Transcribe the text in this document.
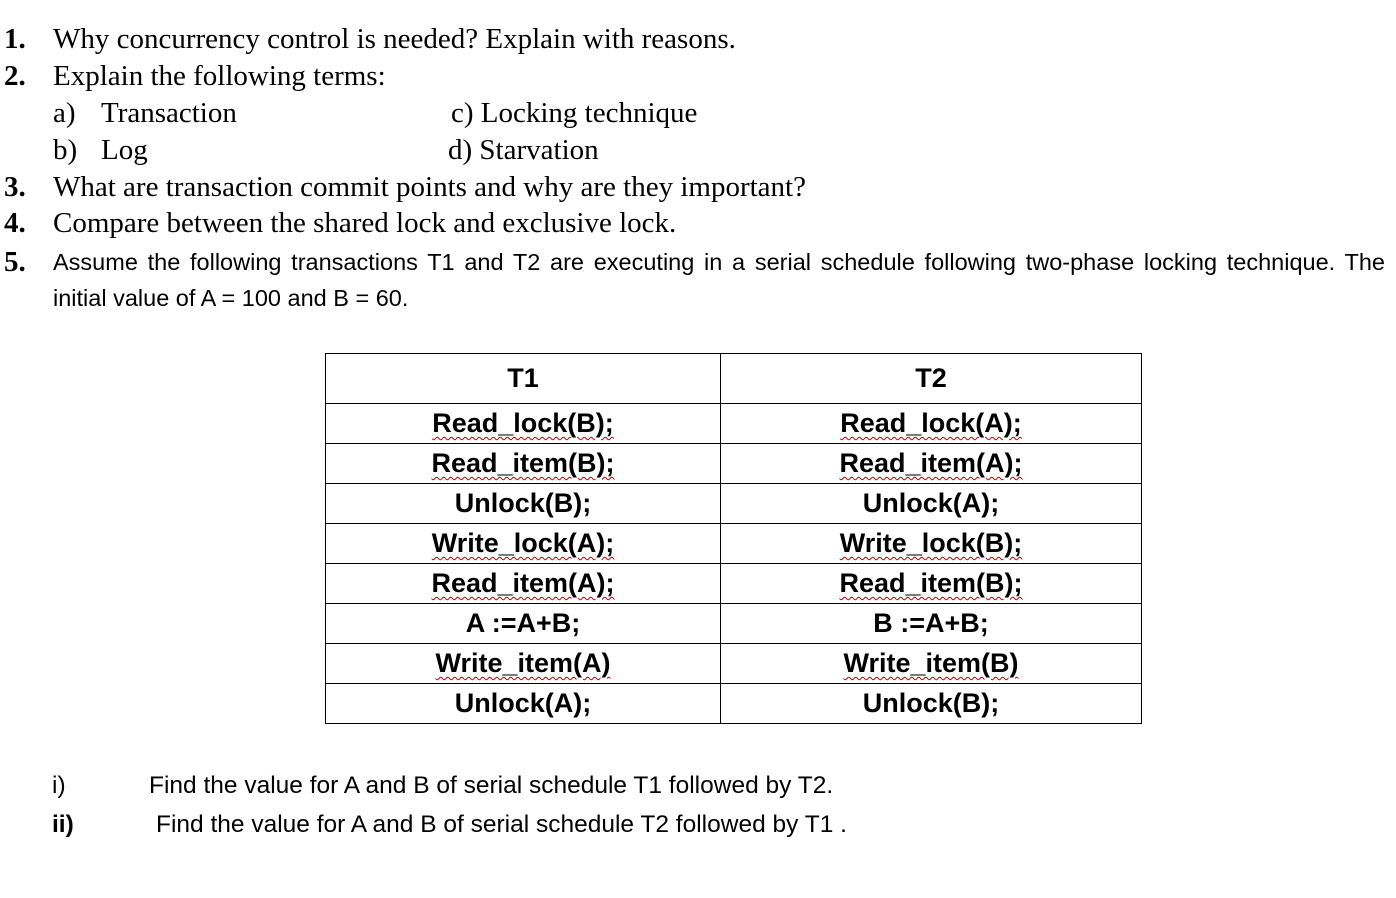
1. Why concurrency control is needed? Explain with reasons.
2. Explain the following terms:
a) Transaction
b) Log
c) Locking technique
d) Starvation
3. What are transaction commit points and why are they important?
4. Compare between the shared lock and exclusive lock.
5. Assume the following transactions T1 and T2 are executing in a serial schedule following two-phase locking technique. The initial value of A = 100 and B = 60.
T1	T2
Read_lock(B);	Read_lock(A);
Read_item(B);	Read_item(A);
Unlock(B);	Unlock(A);
Write_lock(A);	Write_lock(B);
Read_item(A);	Read_item(B);
A :=A+B;	B :=A+B;
Write_item(A)	Write_item(B)
Unlock(A);	Unlock(B);
i)	Find the value for A and B of serial schedule T1 followed by T2.
ii)	Find the value for A and B of serial schedule T2 followed by T1 .
